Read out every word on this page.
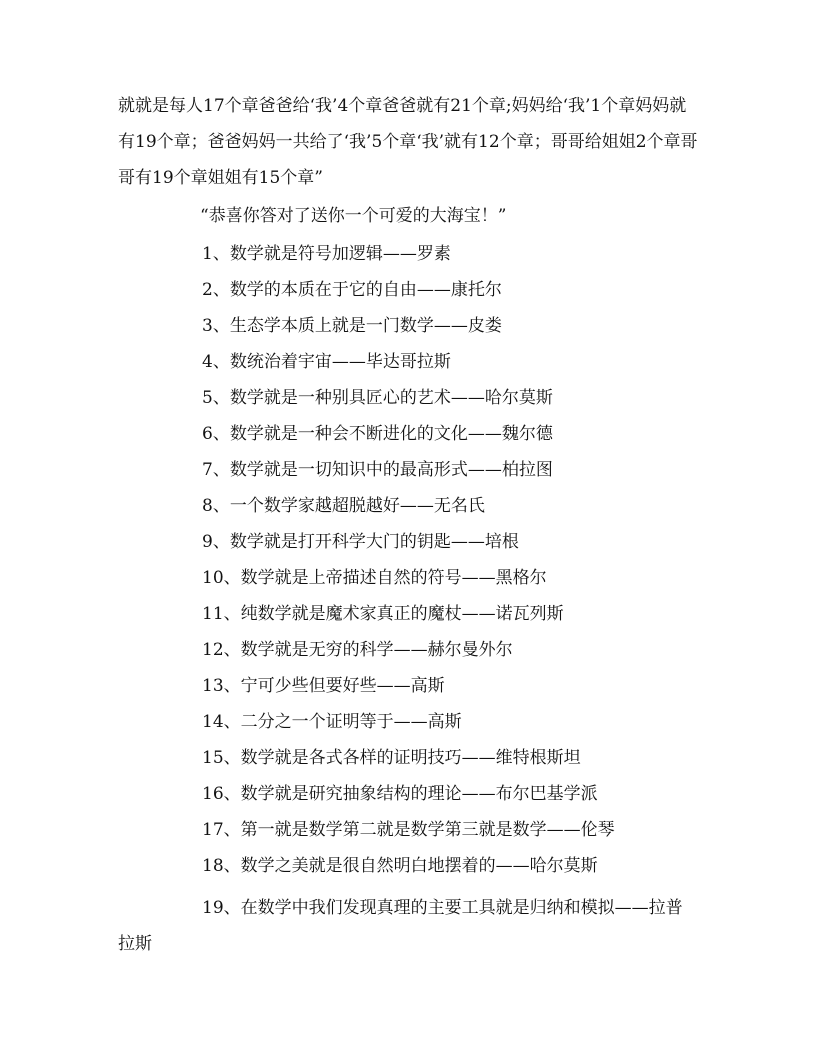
就就是每人17个章爸爸给‘我’4个章爸爸就有21个章;妈妈给‘我’1个章妈妈就有19个章；爸爸妈妈一共给了‘我’5个章‘我’就有12个章；哥哥给姐姐2个章哥哥有19个章姐姐有15个章”

“恭喜你答对了送你一个可爱的大海宝！”
1、数学就是符号加逻辑——罗素
2、数学的本质在于它的自由——康托尔
3、生态学本质上就是一门数学——皮娄
4、数统治着宇宙——毕达哥拉斯
5、数学就是一种别具匠心的艺术——哈尔莫斯
6、数学就是一种会不断进化的文化——魏尔德
7、数学就是一切知识中的最高形式——柏拉图
8、一个数学家越超脱越好——无名氏
9、数学就是打开科学大门的钥匙——培根
10、数学就是上帝描述自然的符号——黑格尔
11、纯数学就是魔术家真正的魔杖——诺瓦列斯
12、数学就是无穷的科学——赫尔曼外尔
13、宁可少些但要好些——高斯
14、二分之一个证明等于——高斯
15、数学就是各式各样的证明技巧——维特根斯坦
16、数学就是研究抽象结构的理论——布尔巴基学派
17、第一就是数学第二就是数学第三就是数学——伦琴
18、数学之美就是很自然明白地摆着的——哈尔莫斯

19、在数学中我们发现真理的主要工具就是归纳和模拟——拉普拉斯
